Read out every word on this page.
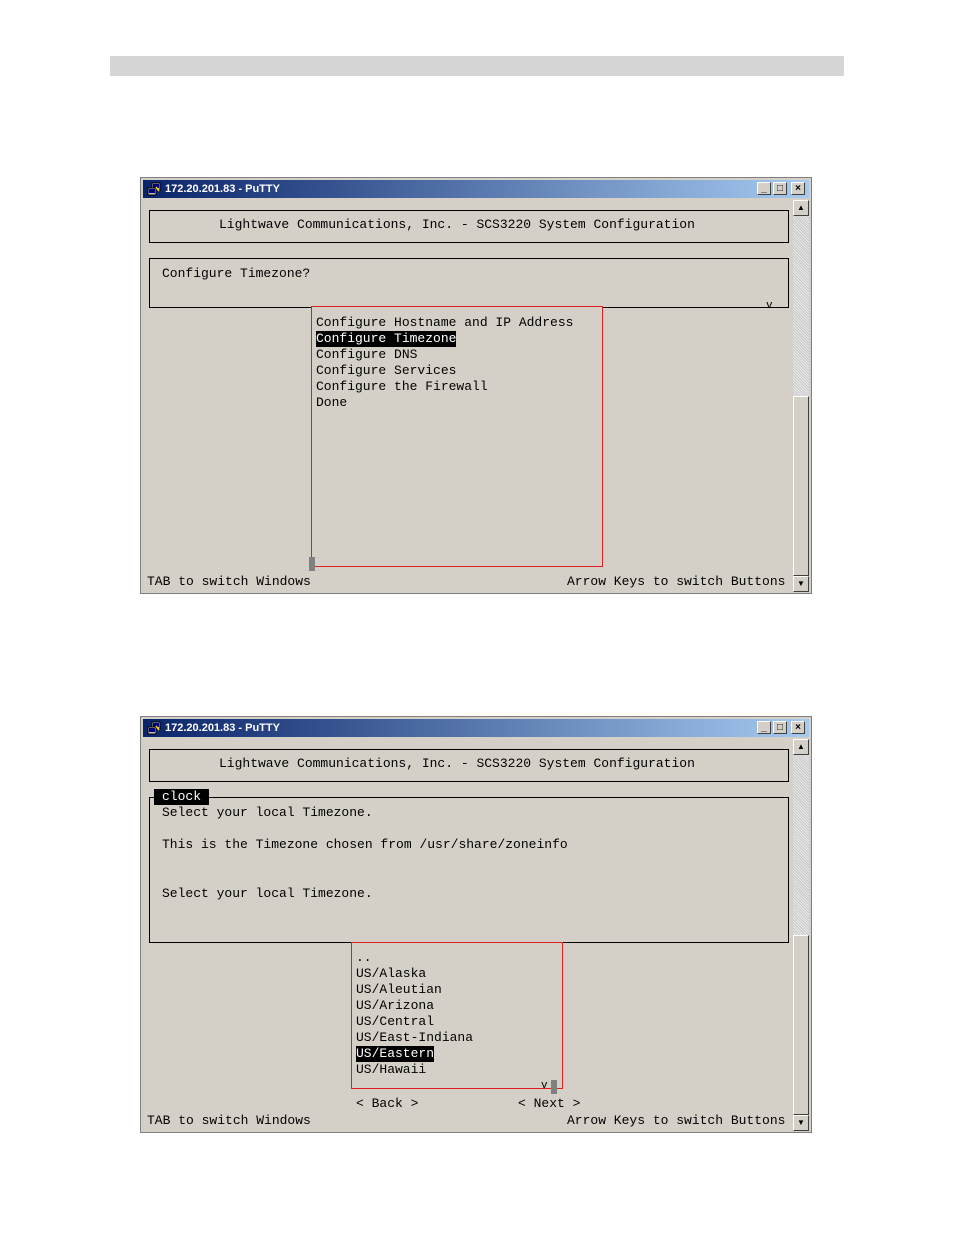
172.20.201.83 - PuTTY	_	□	×
Lightwave Communications, Inc. - SCS3220 System Configuration
Configure Timezone?
v
Configure Hostname and IP Address
Configure Timezone
Configure DNS
Configure Services
Configure the Firewall
Done
TAB to switch Windows	Arrow Keys to switch Buttons
▲
▼
172.20.201.83 - PuTTY	_	□	×
Lightwave Communications, Inc. - SCS3220 System Configuration
clock
Select your local Timezone.
This is the Timezone chosen from /usr/share/zoneinfo
Select your local Timezone.
..
US/Alaska
US/Aleutian
US/Arizona
US/Central
US/East-Indiana
US/Eastern
US/Hawaii
v
< Back >	< Next >
TAB to switch Windows	Arrow Keys to switch Buttons
▲
▼
